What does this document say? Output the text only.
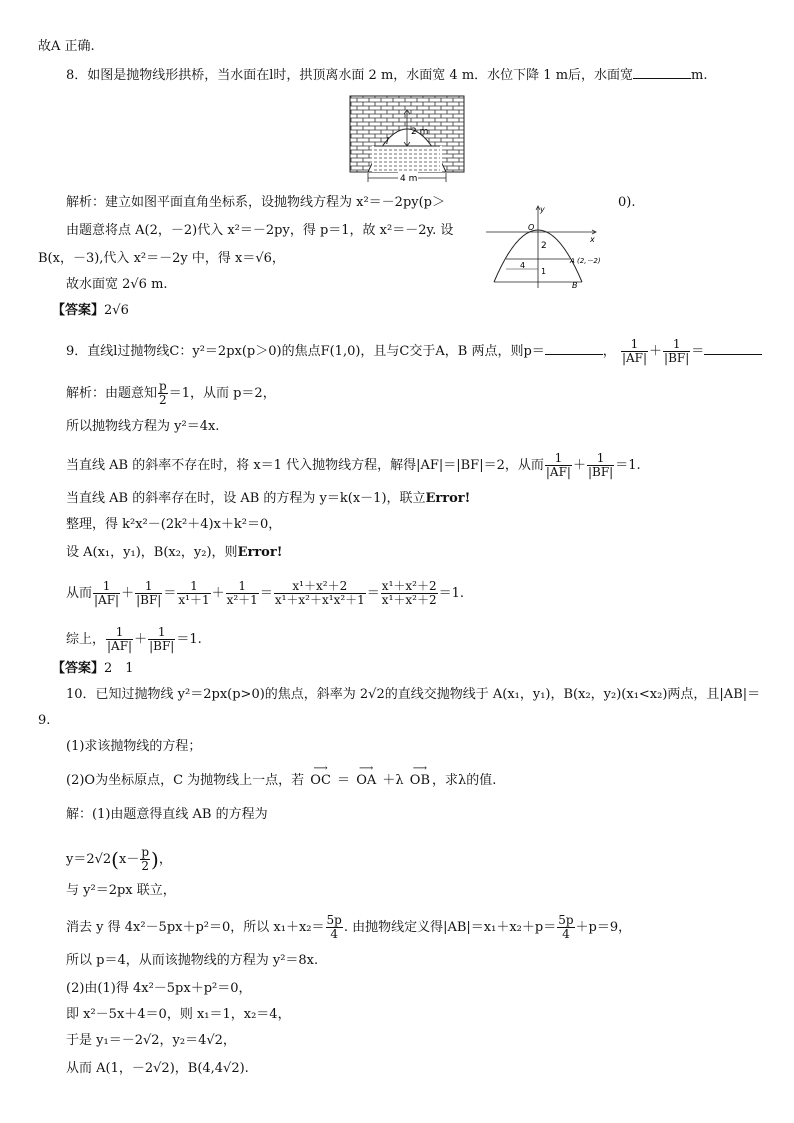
故A 正确.
8．如图是抛物线形拱桥，当水面在l时，拱顶离水面 2 m，水面宽 4 m．水位下降 1 m后，水面宽	m.
2 m
l
4 m
解析：建立如图平面直角坐标系，设抛物线方程为 x²＝－2py(p＞	0).
由题意将点 A(2，－2)代入 x²＝－2py，得 p＝1，故 x²＝－2y. 设
B(x，－3),代入 x²＝－2y 中，得 x＝√6，
故水面宽 2√6 m.
【答案】2√6
y
x
O
2
A (2,－2)
4
1
B
9．直线l过抛物线C：y²＝2px(p＞0)的焦点F(1,0)，且与C交于A，B 两点，则p＝	， $\frac{1}{|AF|} + \frac{1}{|BF|}$ ＝
解析：由题意知 $\frac{p}{2} =1$，从而 p＝2，
所以抛物线方程为 y²＝4x.
当直线 AB 的斜率不存在时，将 x＝1 代入抛物线方程，解得|AF|＝|BF|＝2，从而 $\frac{1}{|AF|} + \frac{1}{|BF|} =1$.
当直线 AB 的斜率存在时，设 AB 的方程为 y＝k(x－1)，联立Error!
整理，得 k²x²－(2k²＋4)x＋k²＝0，
设 A(x₁，y₁)，B(x₂，y₂)，则Error!
从而 $\frac{1}{|AF|} + \frac{1}{|BF|} = \frac{1}{\text{x¹＋1}} + \frac{1}{\text{x²＋1}} = \frac{\text{x¹＋x²＋2}}{\text{x¹＋x²＋x¹x²＋1}} = \frac{\text{x¹＋x²＋2}}{\text{x¹＋x²＋2}} =1$.
综上， $\frac{1}{|AF|} + \frac{1}{|BF|} =1$.
【答案】2　1
10．已知过抛物线 y²＝2px(p>0)的焦点，斜率为 2√2的直线交抛物线于 A(x₁，y₁)，B(x₂，y₂)(x₁<x₂)两点，且|AB|＝
9.
(1)求该抛物线的方程；
(2)O为坐标原点，C 为抛物线上一点，若 ⟶ OC ＝ ⟶ OA ＋λ ⟶ OB ，求λ的值.
解：(1)由题意得直线 AB 的方程为
$y=2√2(x- \frac{p}{2}$ )，
与 y²＝2px 联立，
消去 y 得 4x²－5px＋p²＝0，所以 $x_1+x_2= \frac{5p}{4}$ . 由抛物线定义得$|AB|=x_1+x_2+p= \frac{5p}{4} +p=9$，
所以 p＝4，从而该抛物线的方程为 y²＝8x.
(2)由(1)得 4x²－5px＋p²＝0，
即 x²－5x＋4＝0，则 x₁＝1，x₂＝4，
于是 y₁＝－2√2，y₂＝4√2，
从而 A(1，－2√2)，B(4,4√2).
